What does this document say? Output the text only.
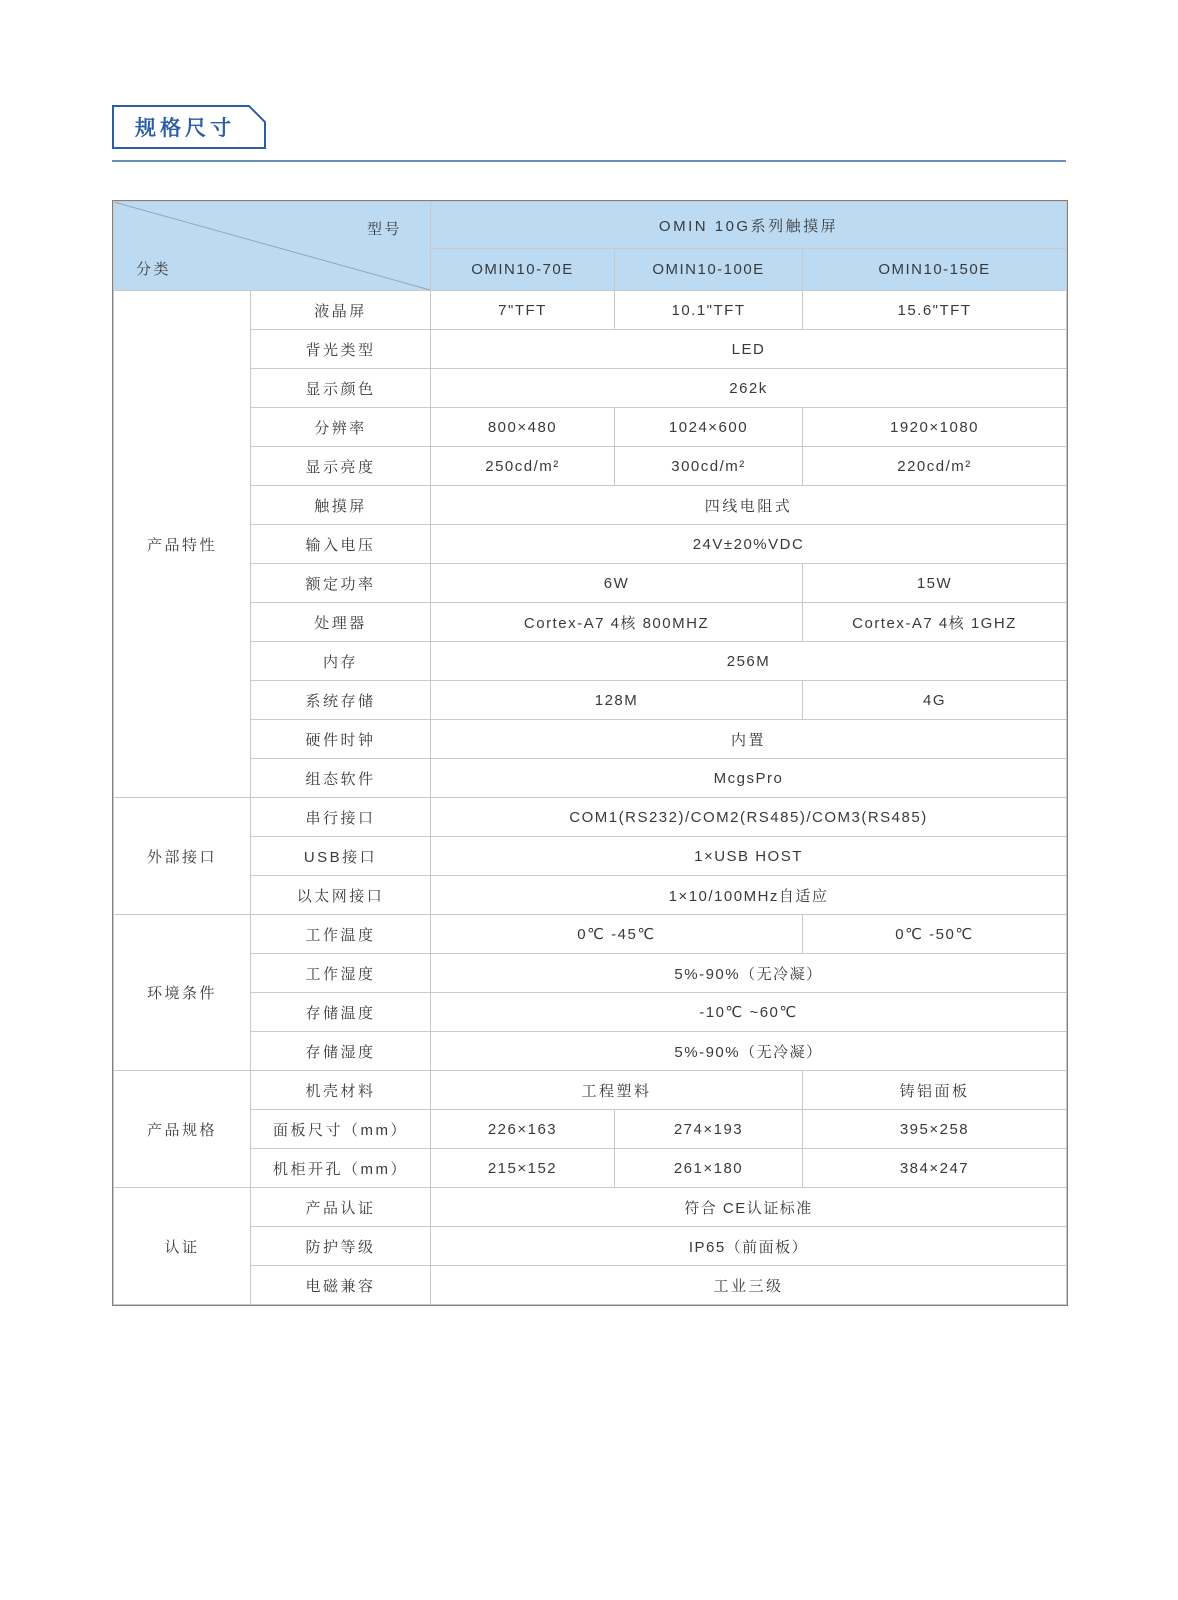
规格尺寸
型号
分类		OMIN 10G系列触摸屏		
		OMIN10-70E	OMIN10-100E	OMIN10-150E
产品特性	液晶屏	7"TFT	10.1"TFT	15.6"TFT
	背光类型	LED		
	显示颜色	262k		
	分辨率	800×480	1024×600	1920×1080
	显示亮度	250cd/m²	300cd/m²	220cd/m²
	触摸屏	四线电阻式		
	输入电压	24V±20%VDC		
	额定功率	6W		15W
	处理器	Cortex-A7 4核 800MHZ		Cortex-A7 4核 1GHZ
	内存	256M		
	系统存储	128M		4G
	硬件时钟	内置		
	组态软件	McgsPro		
外部接口	串行接口	COM1(RS232)/COM2(RS485)/COM3(RS485)		
	USB接口	1×USB HOST		
	以太网接口	1×10/100MHz自适应		
环境条件	工作温度	0℃ -45℃		0℃ -50℃
	工作湿度	5%-90%（无冷凝）		
	存储温度	-10℃ ~60℃		
	存储湿度	5%-90%（无冷凝）		
产品规格	机壳材料	工程塑料		铸铝面板
	面板尺寸（mm）	226×163	274×193	395×258
	机柜开孔（mm）	215×152	261×180	384×247
认证	产品认证	符合 CE认证标准		
	防护等级	IP65（前面板）		
	电磁兼容	工业三级		
